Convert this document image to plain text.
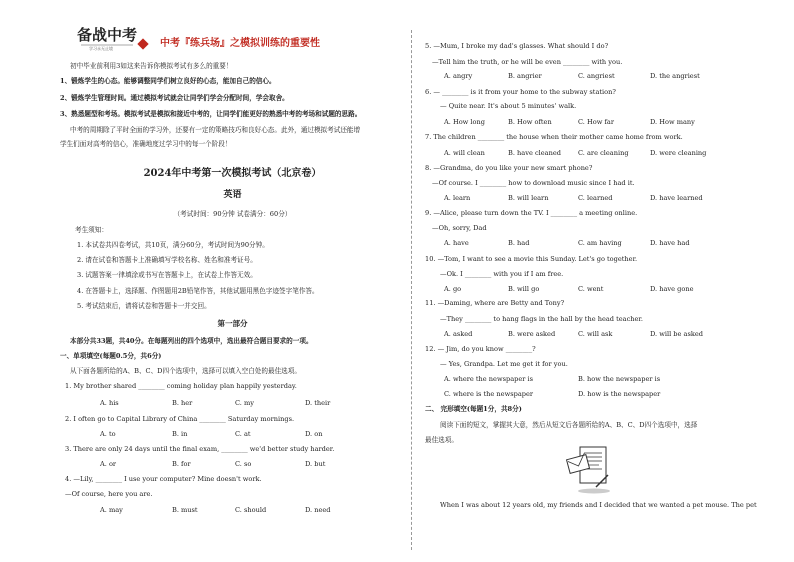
备战中考
学习永无止境	中考『练兵场』之模拟训练的重要性
初中毕业前利用3如这来告诉你模拟考试有多么的重要！
1、锻炼学生的心态。能够调整同学们树立良好的心态，能加自己的信心。
2、锻炼学生管理时间。通过模拟考试就会让同学们学会分配时间，学会取舍。
3、熟悉题型和考场。模拟考试是模拟和接近中考的，让同学们能更好的熟悉中考的考场和试题的思路。
中考的周期除了平时全面的学习外，还要有一定的策略技巧和良好心态。此外，通过模拟考试还能增
学生们面对高考的信心，准确地度过学习中的每一个阶段！
2024年中考第一次模拟考试（北京卷）
英语
（考试时间：90分钟 试卷满分：60分）
考生须知：
1. 本试卷共四卷考试，共10页，满分60分，考试时间为90分钟。
2. 请在试卷和答题卡上准确填写学校名称、姓名和准考证号。
3. 试题答案一律填涂或书写在答题卡上，在试卷上作答无效。
4. 在答题卡上，选择题、作图题用2B铅笔作答，其他试题用黑色字迹签字笔作答。
5. 考试结束后，请将试卷和答题卡一并交回。
第一部分
本部分共33题，共40分。在每题列出的四个选项中，选出最符合题目要求的一项。
一、单项填空(每题0.5分，共6分)
从下面各题所给的A、B、C、D四个选项中，选择可以填入空白处的最佳选项。
1. My brother shared ________ coming holiday plan happily yesterday.
A. his	B. her	C. my	D. their
2. I often go to Capital Library of China ________ Saturday mornings.
A. to	B. in	C. at	D. on
3. There are only 24 days until the final exam, ________ we'd better study harder.
A. or	B. for	C. so	D. but
4. —Lily, ________ I use your computer? Mine doesn't work.
—Of course, here you are.
A. may	B. must	C. should	D. need
5. —Mum, I broke my dad's glasses. What should I do?
—Tell him the truth, or he will be even ________ with you.
A. angry	B. angrier	C. angriest	D. the angriest
6. — ________ is it from your home to the subway station?
— Quite near. It's about 5 minutes' walk.
A. How long	B. How often	C. How far	D. How many
7. The children ________ the house when their mother came home from work.
A. will clean	B. have cleaned	C. are cleaning	D. were cleaning
8. —Grandma, do you like your new smart phone?
—Of course. I ________ how to download music since I had it.
A. learn	B. will learn	C. learned	D. have learned
9. —Alice, please turn down the TV. I ________ a meeting online.
—Oh, sorry, Dad
A. have	B. had	C. am having	D. have had
10. —Tom, I want to see a movie this Sunday. Let's go together.
—Ok. I ________ with you if I am free.
A. go	B. will go	C. went	D. have gone
11. —Daming, where are Betty and Tony?
—They ________ to hang flags in the hall by the head teacher.
A. asked	B. were asked	C. will ask	D. will be asked
12. — Jim, do you know ________?
— Yes, Grandpa. Let me get it for you.
A. where the newspaper is	B. how the newspaper is
C. where is the newspaper	D. how is the newspaper
二、 完形填空(每题1分，共8分)
阅读下面的短文，掌握其大意，然后从短文后各题所给的A、B、C、D四个选项中，选择
最佳选项。
When I was about 12 years old, my friends and I decided that we wanted a pet mouse. The pet
